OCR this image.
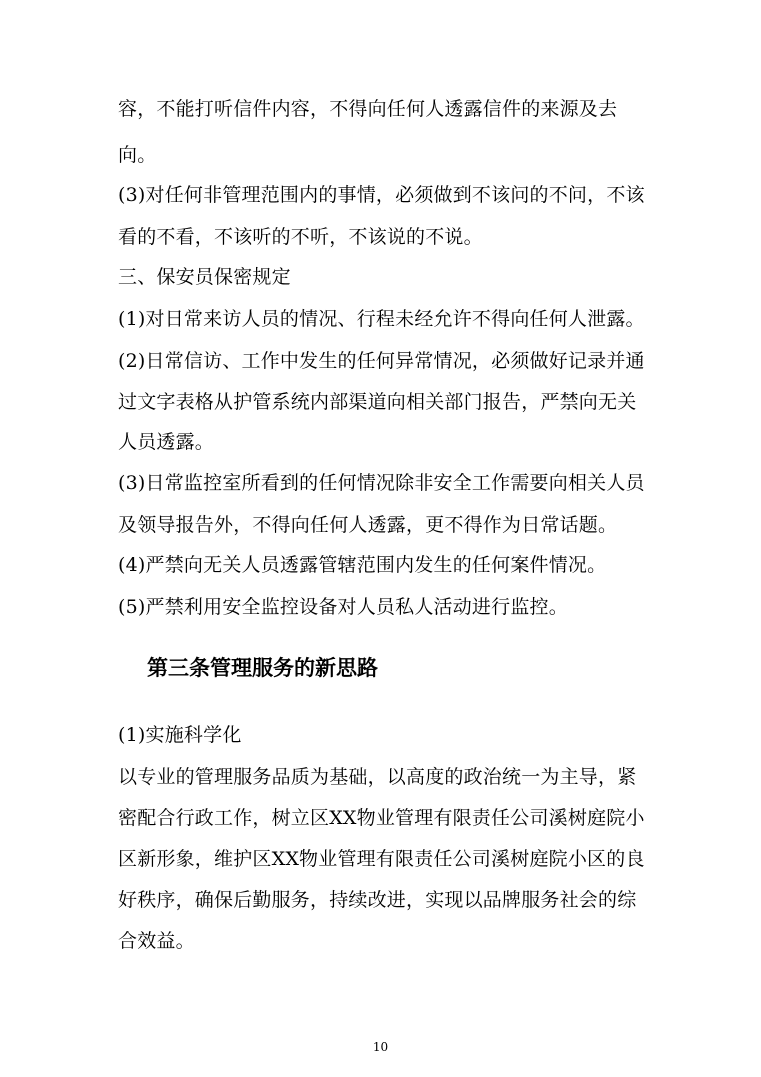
容，不能打听信件内容，不得向任何人透露信件的来源及去
向。
(3)对任何非管理范围内的事情，必须做到不该问的不问，不该
看的不看，不该听的不听，不该说的不说。
三、保安员保密规定
(1)对日常来访人员的情况、行程未经允许不得向任何人泄露。
(2)日常信访、工作中发生的任何异常情况，必须做好记录并通
过文字表格从护管系统内部渠道向相关部门报告，严禁向无关
人员透露。
(3)日常监控室所看到的任何情况除非安全工作需要向相关人员
及领导报告外，不得向任何人透露，更不得作为日常话题。
(4)严禁向无关人员透露管辖范围内发生的任何案件情况。
(5)严禁利用安全监控设备对人员私人活动进行监控。
第三条管理服务的新思路
(1)实施科学化
以专业的管理服务品质为基础，以高度的政治统一为主导，紧
密配合行政工作，树立区XX物业管理有限责任公司溪树庭院小
区新形象，维护区XX物业管理有限责任公司溪树庭院小区的良
好秩序，确保后勤服务，持续改进，实现以品牌服务社会的综
合效益。
10
